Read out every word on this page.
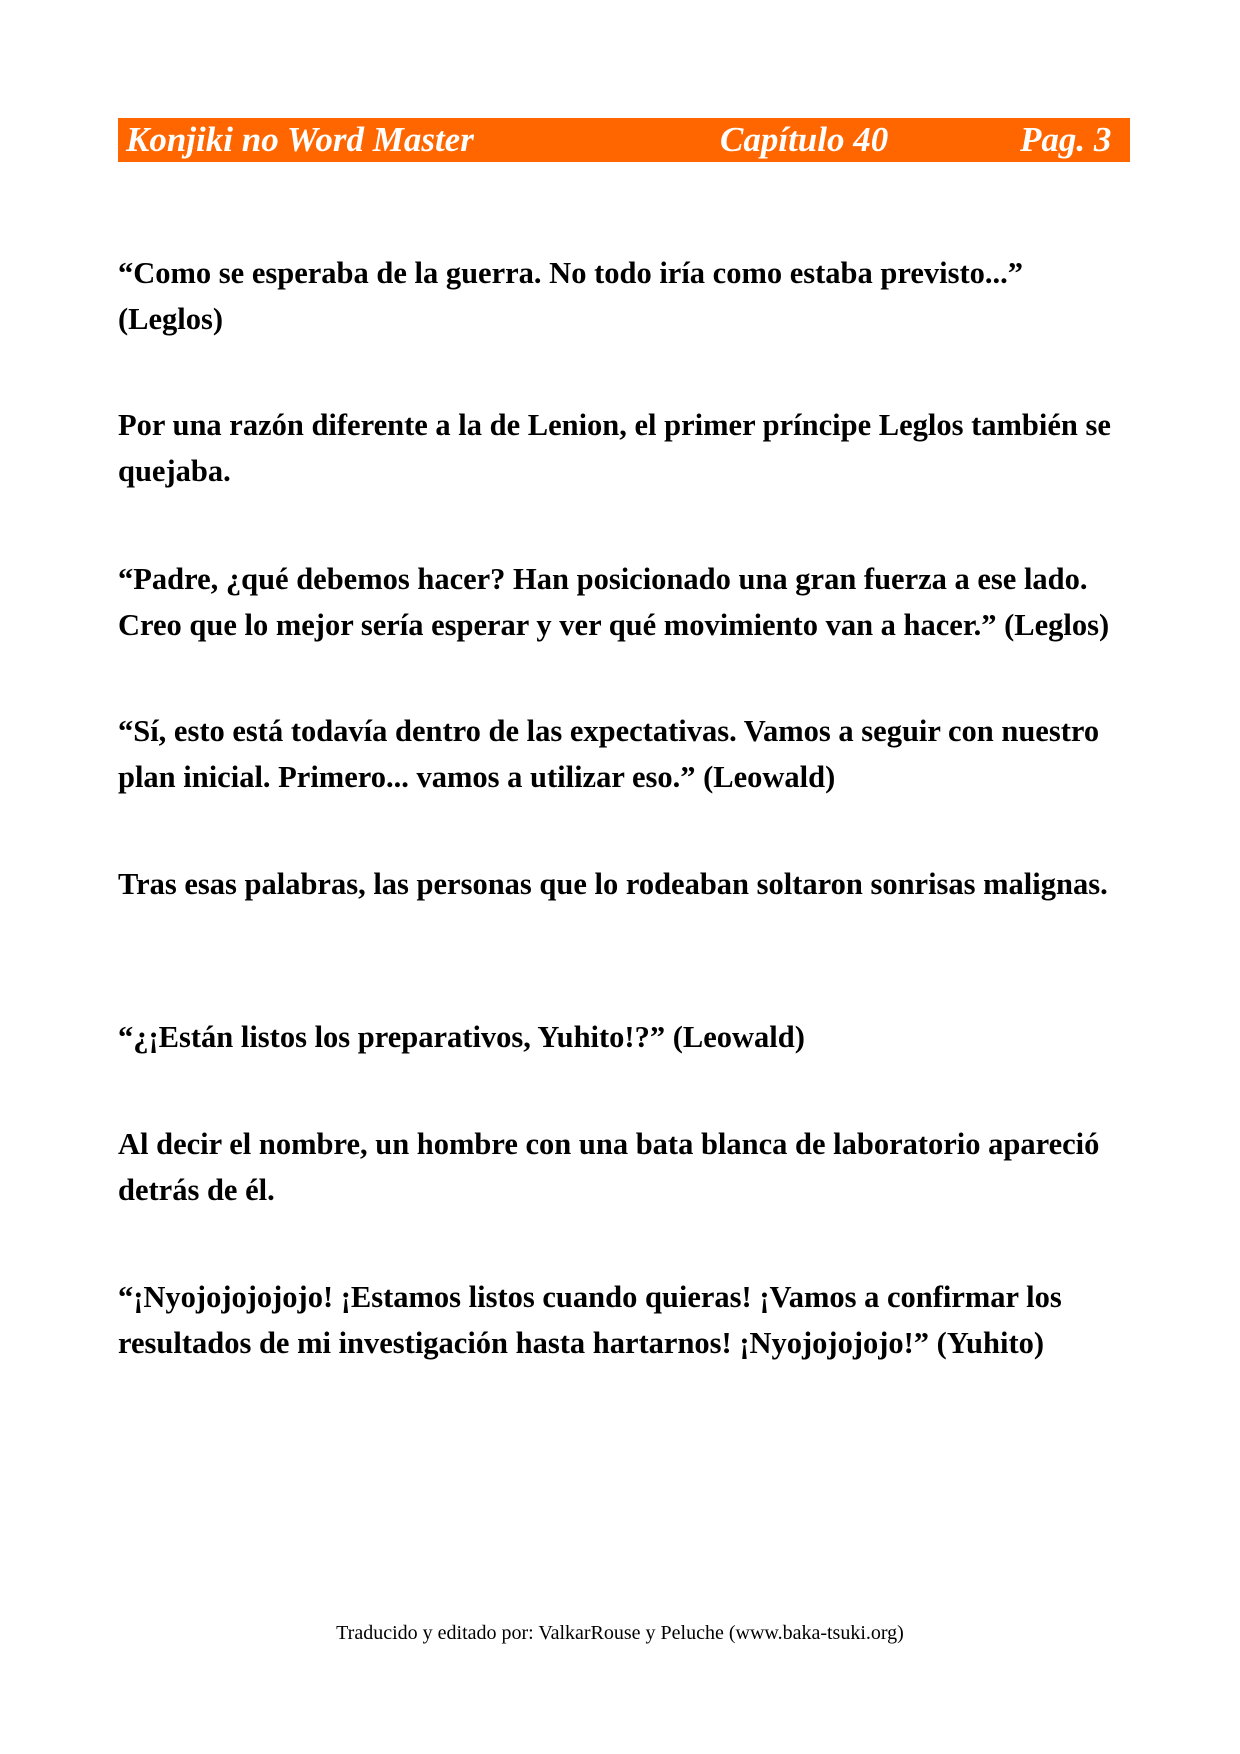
Konjiki no Word Master	Capítulo 40	Pag. 3

“Como se esperaba de la guerra. No todo iría como estaba previsto...” (Leglos)

Por una razón diferente a la de Lenion, el primer príncipe Leglos también se quejaba.

“Padre, ¿qué debemos hacer? Han posicionado una gran fuerza a ese lado. Creo que lo mejor sería esperar y ver qué movimiento van a hacer.” (Leglos)

“Sí, esto está todavía dentro de las expectativas. Vamos a seguir con nuestro plan inicial. Primero... vamos a utilizar eso.” (Leowald)

Tras esas palabras, las personas que lo rodeaban soltaron sonrisas malignas.

“¿¡Están listos los preparativos, Yuhito!?” (Leowald)

Al decir el nombre, un hombre con una bata blanca de laboratorio apareció detrás de él.

“¡Nyojojojojojo! ¡Estamos listos cuando quieras! ¡Vamos a confirmar los resultados de mi investigación hasta hartarnos! ¡Nyojojojojo!” (Yuhito)

Traducido y editado por: ValkarRouse y Peluche (www.baka-tsuki.org)
